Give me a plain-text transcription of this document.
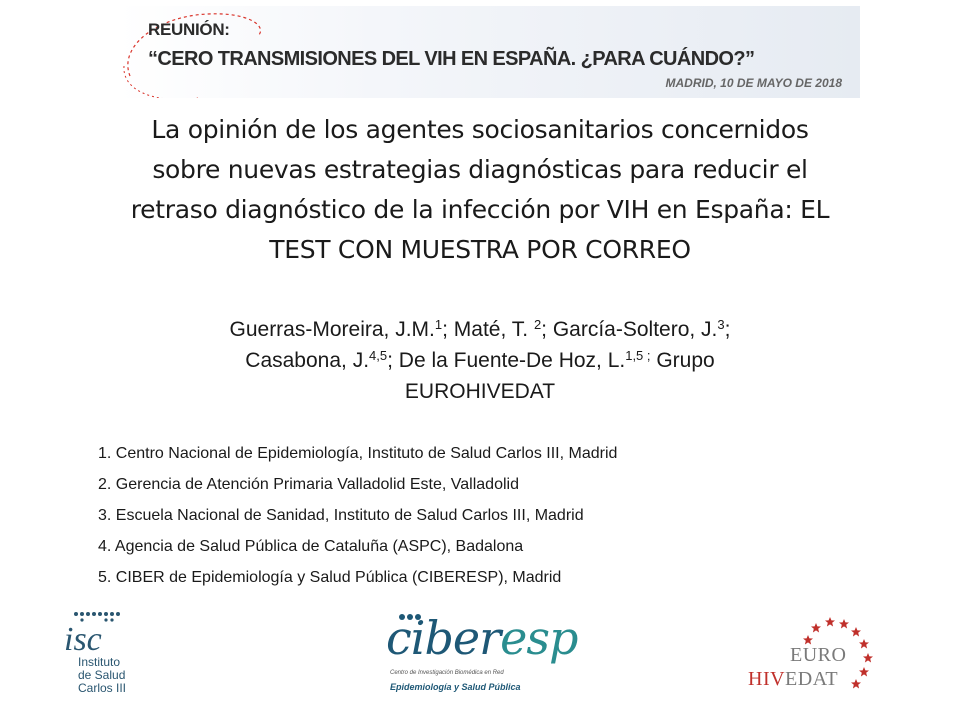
REUNIÓN:
“CERO TRANSMISIONES DEL VIH EN ESPAÑA. ¿PARA CUÁNDO?”
MADRID, 10 DE MAYO DE 2018
La opinión de los agentes sociosanitarios concernidos
sobre nuevas estrategias diagnósticas para reducir el
retraso diagnóstico de la infección por VIH en España: EL
TEST CON MUESTRA POR CORREO
Guerras-Moreira, J.M.$^1$; Maté, T. $^2$; García-Soltero, J.$^3$;
Casabona, J.$^{4,5}$; De la Fuente-De Hoz, L.$^{1,5 ;}$ Grupo
EUROHIVEDAT
1. Centro Nacional de Epidemiología, Instituto de Salud Carlos III, Madrid
2. Gerencia de Atención Primaria Valladolid Este, Valladolid
3. Escuela Nacional de Sanidad, Instituto de Salud Carlos III, Madrid
4. Agencia de Salud Pública de Cataluña (ASPC), Badalona
5. CIBER de Epidemiología y Salud Pública (CIBERESP), Madrid
isc
Instituto
de Salud
Carlos III
ciberesp
Centro de Investigación Biomédica en Red
Epidemiología y Salud Pública
EURO
HIVEDAT
